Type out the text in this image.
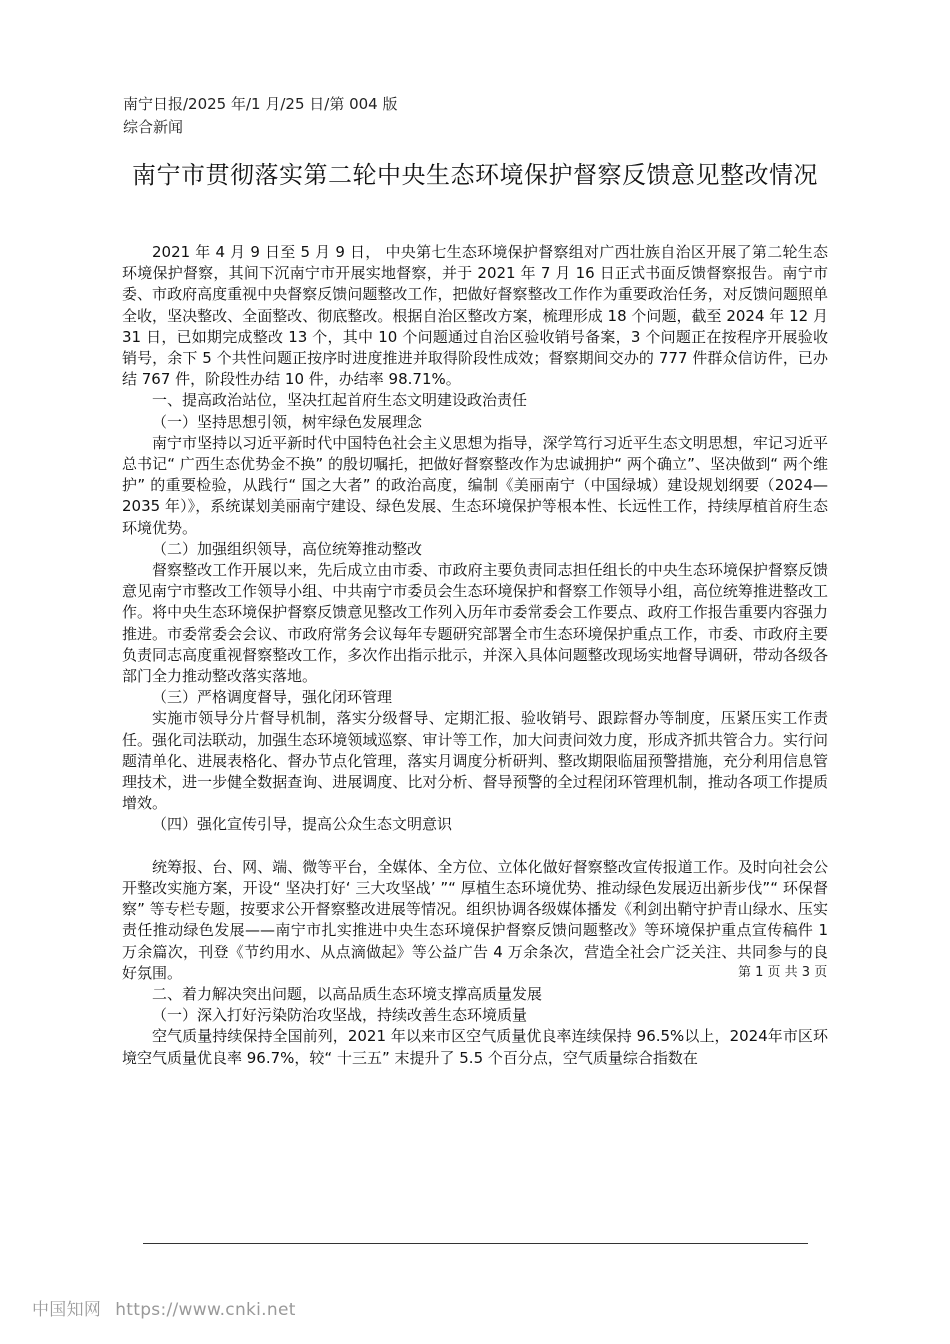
南宁日报/2025 年/1 月/25 日/第 004 版综合新闻
南宁市贯彻落实第二轮中央生态环境保护督察反馈意见整改情况

2021 年 4 月 9 日至 5 月 9 日， 中央第七生态环境保护督察组对广西壮族自治区开展了第二轮生态环境保护督察，其间下沉南宁市开展实地督察，并于 2021 年 7 月 16 日正式书面反馈督察报告。南宁市委、市政府高度重视中央督察反馈问题整改工作，把做好督察整改工作作为重要政治任务，对反馈问题照单全收，坚决整改、全面整改、彻底整改。根据自治区整改方案，梳理形成 18 个问题，截至 2024 年 12 月 31 日，已如期完成整改 13 个，其中 10 个问题通过自治区验收销号备案，3 个问题正在按程序开展验收销号，余下 5 个共性问题正按序时进度推进并取得阶段性成效；督察期间交办的 777 件群众信访件，已办结 767 件，阶段性办结 10 件，办结率 98.71%。

一、提高政治站位，坚决扛起首府生态文明建设政治责任

（一）坚持思想引领，树牢绿色发展理念

南宁市坚持以习近平新时代中国特色社会主义思想为指导，深学笃行习近平生态文明思想，牢记习近平总书记“ 广西生态优势金不换” 的殷切嘱托，把做好督察整改作为忠诚拥护“ 两个确立”、坚决做到“ 两个维护” 的重要检验，从践行“ 国之大者” 的政治高度，编制《美丽南宁（中国绿城）建设规划纲要（2024—2035 年）》，系统谋划美丽南宁建设、绿色发展、生态环境保护等根本性、长远性工作，持续厚植首府生态环境优势。

（二）加强组织领导，高位统筹推动整改

督察整改工作开展以来，先后成立由市委、市政府主要负责同志担任组长的中央生态环境保护督察反馈意见南宁市整改工作领导小组、中共南宁市委员会生态环境保护和督察工作领导小组，高位统筹推进整改工作。将中央生态环境保护督察反馈意见整改工作列入历年市委常委会工作要点、政府工作报告重要内容强力推进。市委常委会会议、市政府常务会议每年专题研究部署全市生态环境保护重点工作，市委、市政府主要负责同志高度重视督察整改工作，多次作出指示批示，并深入具体问题整改现场实地督导调研，带动各级各部门全力推动整改落实落地。

（三）严格调度督导，强化闭环管理

实施市领导分片督导机制，落实分级督导、定期汇报、验收销号、跟踪督办等制度，压紧压实工作责任。强化司法联动，加强生态环境领域巡察、审计等工作，加大问责问效力度，形成齐抓共管合力。实行问题清单化、进展表格化、督办节点化管理，落实月调度分析研判、整改期限临届预警措施，充分利用信息管理技术，进一步健全数据查询、进展调度、比对分析、督导预警的全过程闭环管理机制，推动各项工作提质增效。

（四）强化宣传引导，提高公众生态文明意识

统筹报、台、网、端、微等平台，全媒体、全方位、立体化做好督察整改宣传报道工作。及时向社会公开整改实施方案，开设“ 坚决打好‘ 三大攻坚战’ ”“ 厚植生态环境优势、推动绿色发展迈出新步伐”“ 环保督察” 等专栏专题，按要求公开督察整改进展等情况。组织协调各级媒体播发《利剑出鞘守护青山绿水、压实责任推动绿色发展——南宁市扎实推进中央生态环境保护督察反馈问题整改》等环境保护重点宣传稿件 1 万余篇次，刊登《节约用水、从点滴做起》等公益广告 4 万余条次，营造全社会广泛关注、共同参与的良好氛围。

二、着力解决突出问题，以高品质生态环境支撑高质量发展

（一）深入打好污染防治攻坚战，持续改善生态环境质量

空气质量持续保持全国前列，2021 年以来市区空气质量优良率连续保持 96.5%以上，2024年市区环境空气质量优良率 96.7%，较“ 十三五” 末提升了 5.5 个百分点，空气质量综合指数在

第 1 页 共 3 页
中国知网 https://www.cnki.net
